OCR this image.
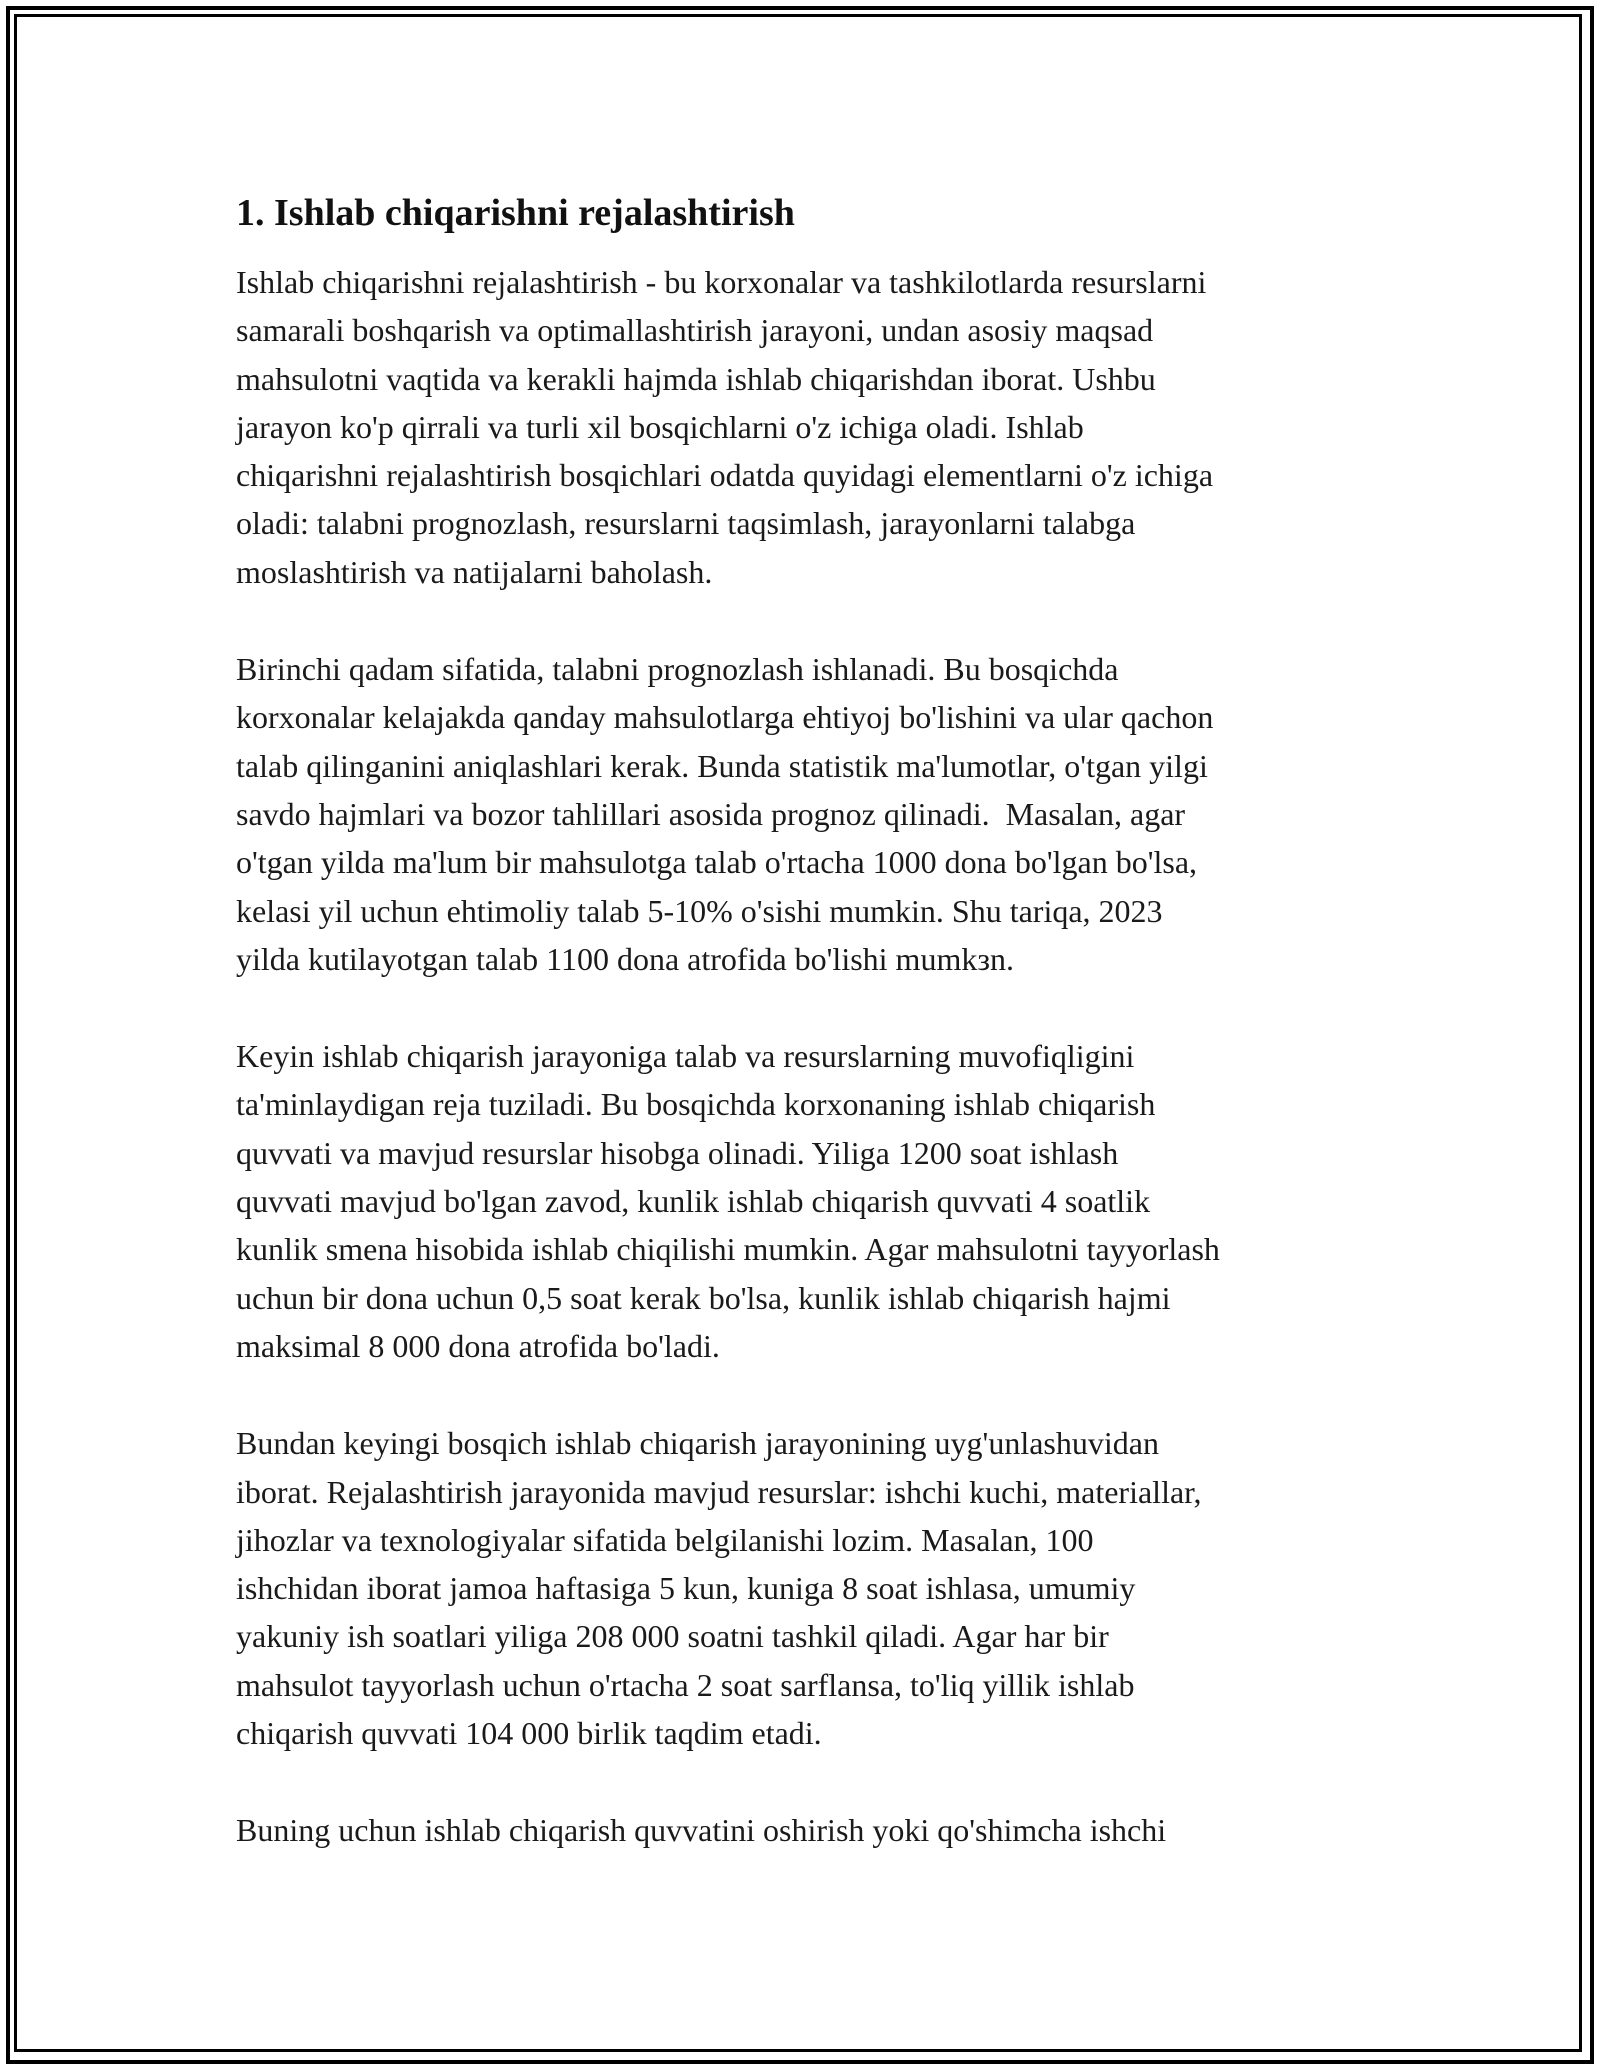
1. Ishlab chiqarishni rejalashtirish

Ishlab chiqarishni rejalashtirish - bu korxonalar va tashkilotlarda resurslarni
samarali boshqarish va optimallashtirish jarayoni, undan asosiy maqsad
mahsulotni vaqtida va kerakli hajmda ishlab chiqarishdan iborat. Ushbu
jarayon ko'p qirrali va turli xil bosqichlarni o'z ichiga oladi. Ishlab
chiqarishni rejalashtirish bosqichlari odatda quyidagi elementlarni o'z ichiga
oladi: talabni prognozlash, resurslarni taqsimlash, jarayonlarni talabga
moslashtirish va natijalarni baholash.

Birinchi qadam sifatida, talabni prognozlash ishlanadi. Bu bosqichda
korxonalar kelajakda qanday mahsulotlarga ehtiyoj bo'lishini va ular qachon
talab qilinganini aniqlashlari kerak. Bunda statistik ma'lumotlar, o'tgan yilgi
savdo hajmlari va bozor tahlillari asosida prognoz qilinadi.  Masalan, agar
o'tgan yilda ma'lum bir mahsulotga talab o'rtacha 1000 dona bo'lgan bo'lsa,
kelasi yil uchun ehtimoliy talab 5-10% o'sishi mumkin. Shu tariqa, 2023
yilda kutilayotgan talab 1100 dona atrofida bo'lishi mumkзn.

Keyin ishlab chiqarish jarayoniga talab va resurslarning muvofiqligini
ta'minlaydigan reja tuziladi. Bu bosqichda korxonaning ishlab chiqarish
quvvati va mavjud resurslar hisobga olinadi. Yiliga 1200 soat ishlash
quvvati mavjud bo'lgan zavod, kunlik ishlab chiqarish quvvati 4 soatlik
kunlik smena hisobida ishlab chiqilishi mumkin. Agar mahsulotni tayyorlash
uchun bir dona uchun 0,5 soat kerak bo'lsa, kunlik ishlab chiqarish hajmi
maksimal 8 000 dona atrofida bo'ladi.

Bundan keyingi bosqich ishlab chiqarish jarayonining uyg'unlashuvidan
iborat. Rejalashtirish jarayonida mavjud resurslar: ishchi kuchi, materiallar,
jihozlar va texnologiyalar sifatida belgilanishi lozim. Masalan, 100
ishchidan iborat jamoa haftasiga 5 kun, kuniga 8 soat ishlasa, umumiy
yakuniy ish soatlari yiliga 208 000 soatni tashkil qiladi. Agar har bir
mahsulot tayyorlash uchun o'rtacha 2 soat sarflansa, to'liq yillik ishlab
chiqarish quvvati 104 000 birlik taqdim etadi.

Buning uchun ishlab chiqarish quvvatini oshirish yoki qo'shimcha ishchi
